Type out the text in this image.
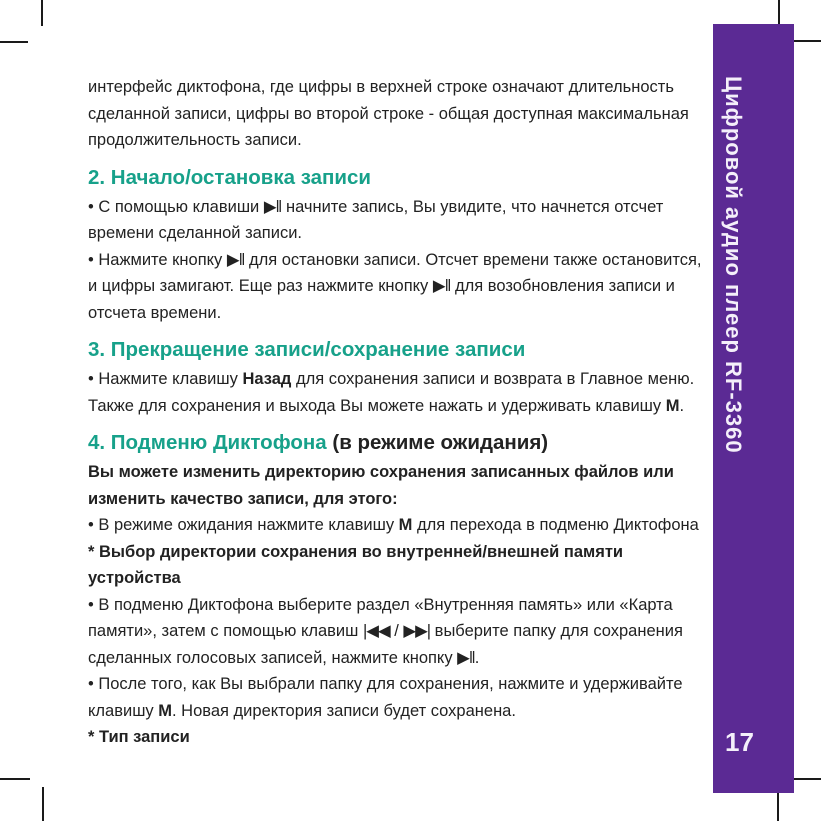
интерфейс диктофона, где цифры в верхней строке означают длительность сделанной записи, цифры во второй строке - общая доступная максимальная продолжительность записи.
2. Начало/остановка записи
• С помощью клавиши ▶‖ начните запись, Вы увидите, что начнется отсчет времени сделанной записи.
• Нажмите кнопку ▶‖ для остановки записи. Отсчет времени также остановится, и цифры замигают. Еще раз нажмите кнопку ▶‖ для возобновления записи и отсчета времени.
3. Прекращение записи/сохранение записи
• Нажмите клавишу Назад для сохранения записи и возврата в Главное меню. Также для сохранения и выхода Вы можете нажать и удерживать клавишу М.
4. Подменю Диктофона (в режиме ожидания)
Вы можете изменить директорию сохранения записанных файлов или изменить качество записи, для этого:
• В режиме ожидания нажмите клавишу М для перехода в подменю Диктофона
* Выбор директории сохранения во внутренней/внешней памяти устройства
• В подменю Диктофона выберите раздел «Внутренняя память» или «Карта памяти», затем с помощью клавиш |◀◀ / ▶▶| выберите папку для сохранения сделанных голосовых записей, нажмите кнопку ▶‖.
• После того, как Вы выбрали папку для сохранения, нажмите и удерживайте клавишу М. Новая директория записи будет сохранена.
* Тип записи
Цифровой аудио плеер RF-3360
17
